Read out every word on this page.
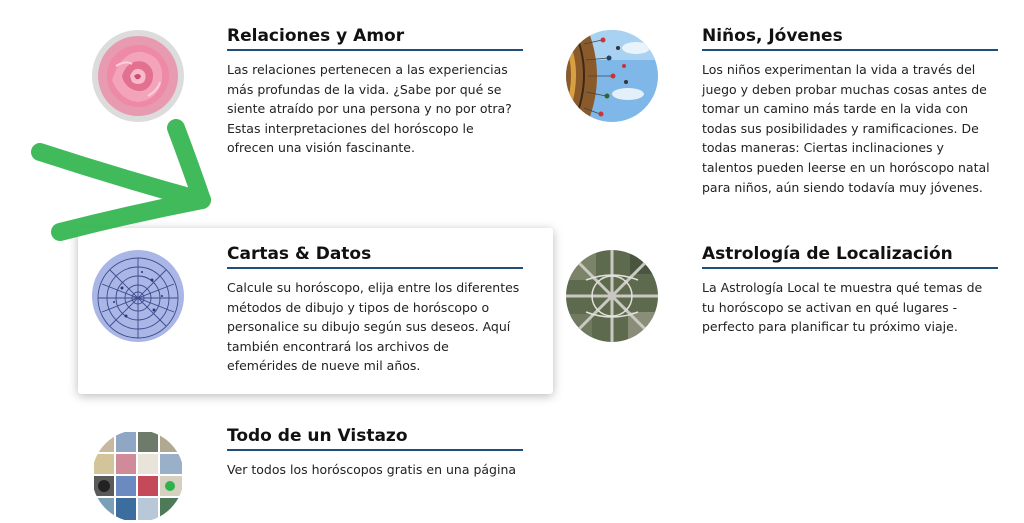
Relaciones y Amor

Las relaciones pertenecen a las experiencias más profundas de la vida. ¿Sabe por qué se siente atraído por una persona y no por otra? Estas interpretaciones del horóscopo le ofrecen una visión fascinante.

Niños, Jóvenes

Los niños experimentan la vida a través del juego y deben probar muchas cosas antes de tomar un camino más tarde en la vida con todas sus posibilidades y ramificaciones. De todas maneras: Ciertas inclinaciones y talentos pueden leerse en un horóscopo natal para niños, aún siendo todavía muy jóvenes.

Cartas & Datos

Calcule su horóscopo, elija entre los diferentes métodos de dibujo y tipos de horóscopo o personalice su dibujo según sus deseos. Aquí también encontrará los archivos de efemérides de nueve mil años.

Astrología de Localización

La Astrología Local te muestra qué temas de tu horóscopo se activan en qué lugares - perfecto para planificar tu próximo viaje.

Todo de un Vistazo

Ver todos los horóscopos gratis en una página
